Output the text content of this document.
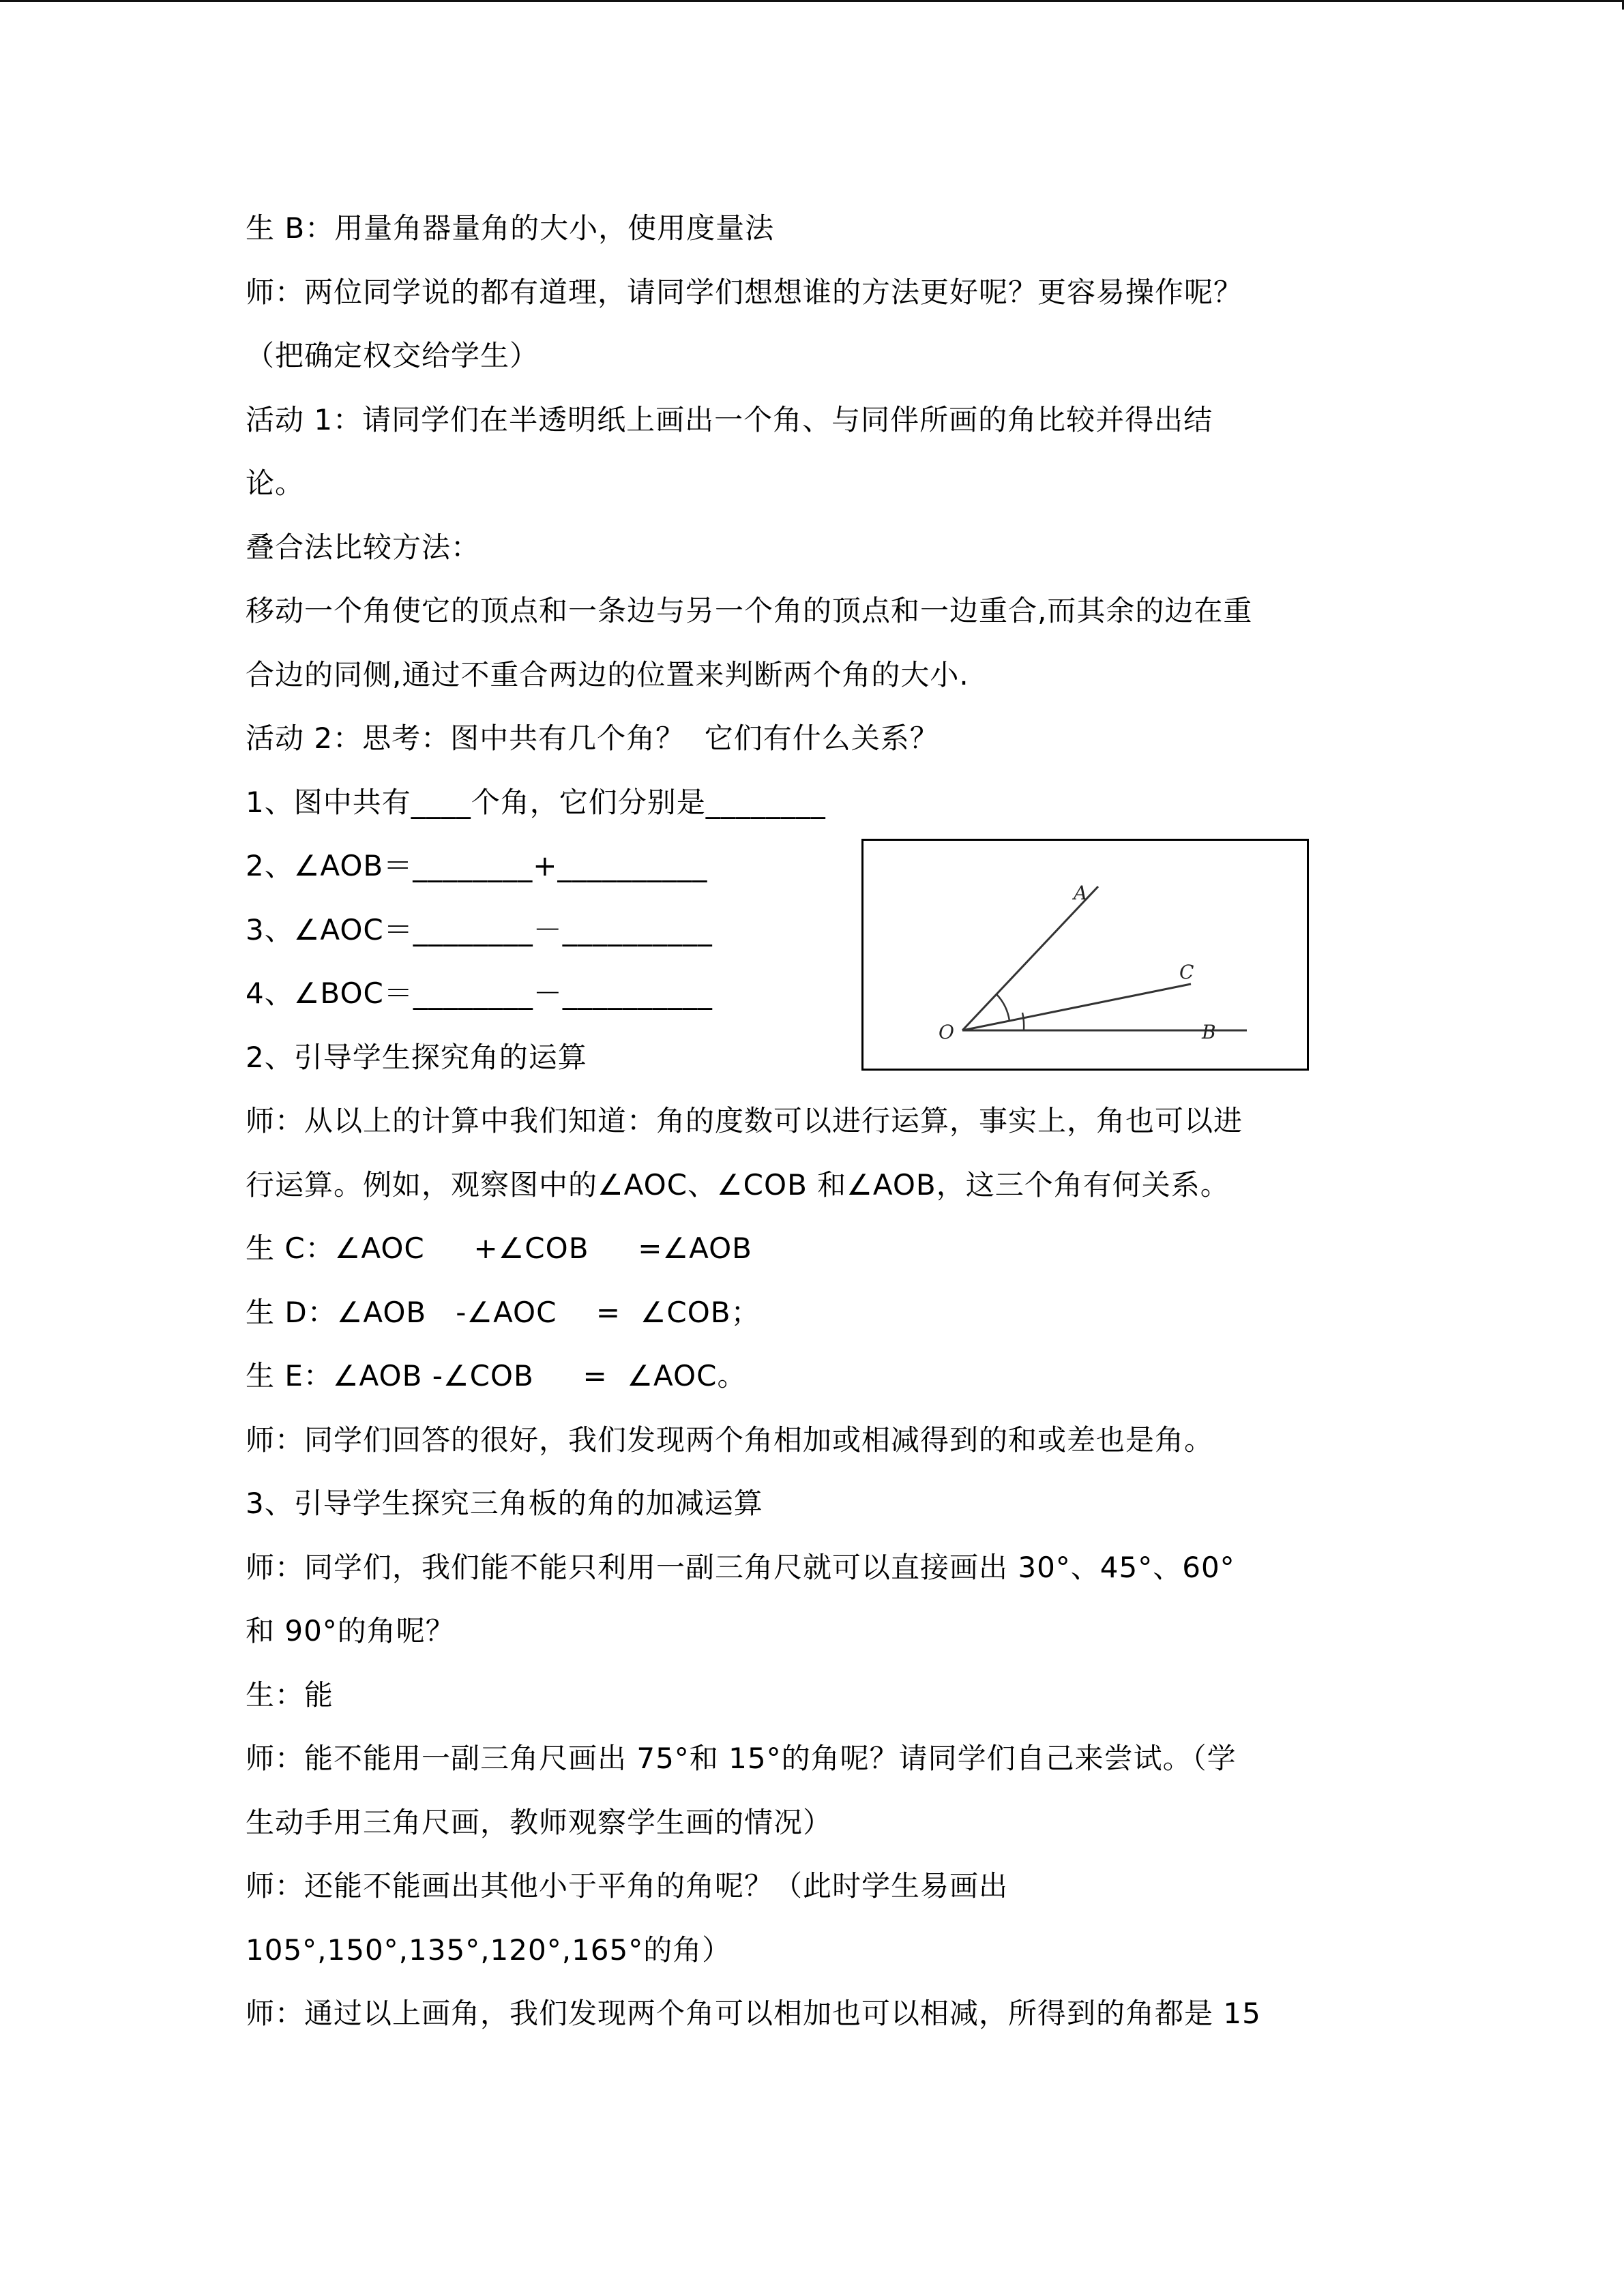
生 B：用量角器量角的大小，使用度量法
师：两位同学说的都有道理，请同学们想想谁的方法更好呢？更容易操作呢？
（把确定权交给学生）
活动 1：请同学们在半透明纸上画出一个角、与同伴所画的角比较并得出结
论。
叠合法比较方法：
移动一个角使它的顶点和一条边与另一个角的顶点和一边重合,而其余的边在重
合边的同侧,通过不重合两边的位置来判断两个角的大小.
活动 2：思考：图中共有几个角？  它们有什么关系？
1、图中共有____个角，它们分别是________
2、∠AOB＝________+__________
3、∠AOC＝________－__________
4、∠BOC＝________－__________
2、引导学生探究角的运算
师：从以上的计算中我们知道：角的度数可以进行运算，事实上，角也可以进
行运算。例如，观察图中的∠AOC、∠COB 和∠AOB，这三个角有何关系。
生 C：∠AOC     +∠COB     =∠AOB
生 D：∠AOB   -∠AOC    =  ∠COB；
生 E：∠AOB -∠COB     =  ∠AOC。
师：同学们回答的很好，我们发现两个角相加或相减得到的和或差也是角。
3、引导学生探究三角板的角的加减运算
师：同学们，我们能不能只利用一副三角尺就可以直接画出 30°、45°、60°
和 90°的角呢？
生：能
师：能不能用一副三角尺画出 75°和 15°的角呢？请同学们自己来尝试。（学
生动手用三角尺画，教师观察学生画的情况）
师：还能不能画出其他小于平角的角呢？（此时学生易画出
105°,150°,135°,120°,165°的角）
师：通过以上画角，我们发现两个角可以相加也可以相减，所得到的角都是 15
A
C
O	B
